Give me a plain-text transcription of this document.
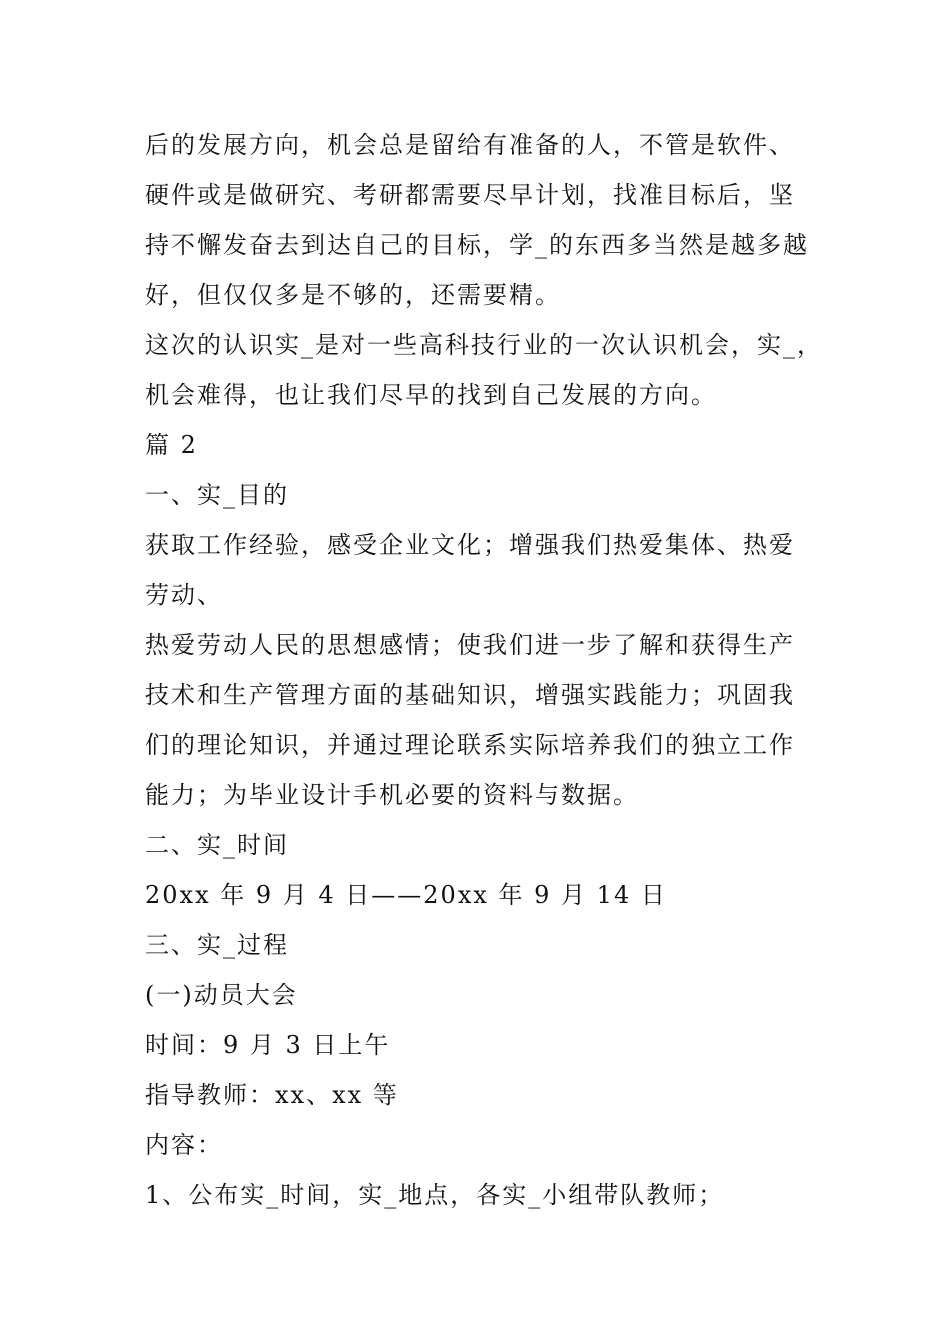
后的发展方向，机会总是留给有准备的人，不管是软件、
硬件或是做研究、考研都需要尽早计划，找准目标后，坚
持不懈发奋去到达自己的目标，学_的东西多当然是越多越
好，但仅仅多是不够的，还需要精。
这次的认识实_是对一些高科技行业的一次认识机会，实_，
机会难得，也让我们尽早的找到自己发展的方向。
篇 2
一、实_目的
获取工作经验，感受企业文化；增强我们热爱集体、热爱
劳动、
热爱劳动人民的思想感情；使我们进一步了解和获得生产
技术和生产管理方面的基础知识，增强实践能力；巩固我
们的理论知识，并通过理论联系实际培养我们的独立工作
能力；为毕业设计手机必要的资料与数据。
二、实_时间
20xx 年 9 月 4 日——20xx 年 9 月 14 日
三、实_过程
(一)动员大会
时间：9 月 3 日上午
指导教师：xx、xx 等
内容：
1、公布实_时间，实_地点，各实_小组带队教师；
